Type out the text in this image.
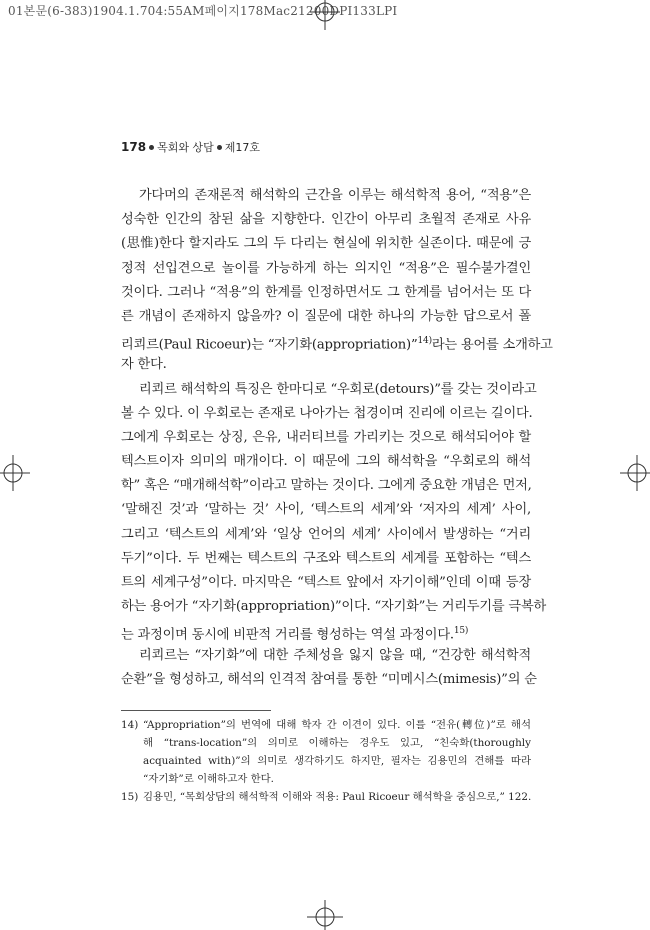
01본문(6-383)1904.1.704:55AM페이지178Mac21200DPI133LPI
178 목회와 상담 제17호
가다머의 존재론적 해석학의 근간을 이루는 해석학적 용어, “적용”은
성숙한 인간의 참된 삶을 지향한다. 인간이 아무리 초월적 존재로 사유
(思惟)한다 할지라도 그의 두 다리는 현실에 위치한 실존이다. 때문에 긍
정적 선입견으로 놀이를 가능하게 하는 의지인 “적용”은 필수불가결인
것이다. 그러나 “적용”의 한계를 인정하면서도 그 한계를 넘어서는 또 다
른 개념이 존재하지 않을까? 이 질문에 대한 하나의 가능한 답으로서 폴
리쾨르(Paul Ricoeur)는 “자기화(appropriation)”$^{14)}$라는 용어를 소개하고
자 한다.
리쾨르 해석학의 특징은 한마디로 “우회로(detours)”를 갖는 것이라고
볼 수 있다. 이 우회로는 존재로 나아가는 첩경이며 진리에 이르는 길이다.
그에게 우회로는 상징, 은유, 내러티브를 가리키는 것으로 해석되어야 할
텍스트이자 의미의 매개이다. 이 때문에 그의 해석학을 “우회로의 해석
학” 혹은 “매개해석학”이라고 말하는 것이다. 그에게 중요한 개념은 먼저,
‘말해진 것’과 ‘말하는 것’ 사이, ‘텍스트의 세계’와 ‘저자의 세계’ 사이,
그리고 ‘텍스트의 세계’와 ‘일상 언어의 세계’ 사이에서 발생하는 “거리
두기”이다. 두 번째는 텍스트의 구조와 텍스트의 세계를 포함하는 “텍스
트의 세계구성”이다. 마지막은 “텍스트 앞에서 자기이해”인데 이때 등장
하는 용어가 “자기화(appropriation)”이다. “자기화”는 거리두기를 극복하
는 과정이며 동시에 비판적 거리를 형성하는 역설 과정이다.$^{15)}$
리쾨르는 “자기화”에 대한 주체성을 잃지 않을 때, “건강한 해석학적
순환”을 형성하고, 해석의 인격적 참여를 통한 “미메시스(mimesis)”의 순
14) “Appropriation”의 번역에 대해 학자 간 이견이 있다. 이를 “전유(轉位)”로 해석
해 “trans-location”의 의미로 이해하는 경우도 있고, “친숙화(thoroughly
acquainted with)”의 의미로 생각하기도 하지만, 필자는 김용민의 견해를 따라
“자기화”로 이해하고자 한다.
15) 김용민, “목회상담의 해석학적 이해와 적용: Paul Ricoeur 해석학을 중심으로,” 122.
